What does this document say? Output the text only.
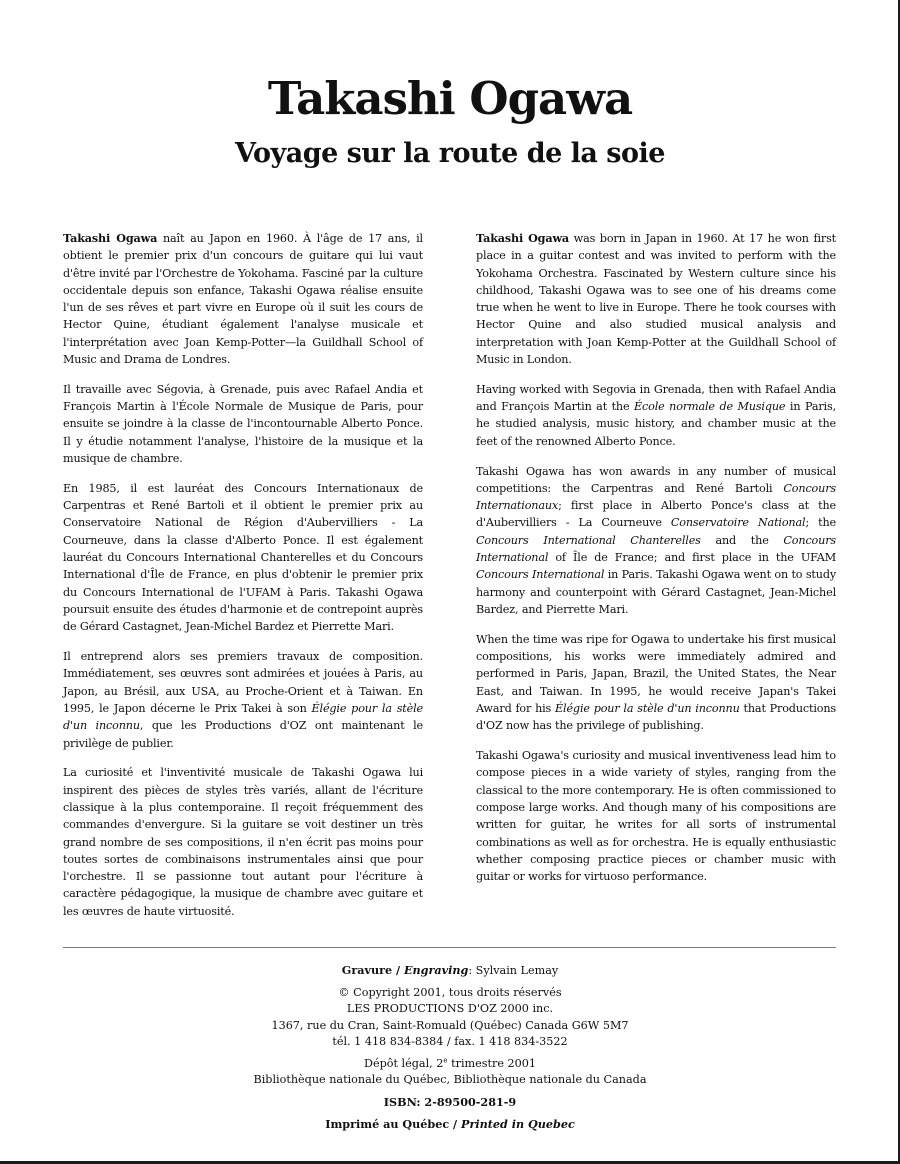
Takashi Ogawa
Voyage sur la route de la soie

Takashi Ogawa naît au Japon en 1960. À l'âge de 17 ans, il obtient le premier prix d'un concours de guitare qui lui vaut d'être invité par l'Orchestre de Yokohama. Fasciné par la culture occidentale depuis son enfance, Takashi Ogawa réalise ensuite l'un de ses rêves et part vivre en Europe où il suit les cours de Hector Quine, étudiant également l'analyse musicale et l'interprétation avec Joan Kemp-Potter—la Guildhall School of Music and Drama de Londres.

Il travaille avec Ségovia, à Grenade, puis avec Rafael Andia et François Martin à l'École Normale de Musique de Paris, pour ensuite se joindre à la classe de l'incontournable Alberto Ponce. Il y étudie notamment l'analyse, l'histoire de la musique et la musique de chambre.

En 1985, il est lauréat des Concours Internationaux de Carpentras et René Bartoli et il obtient le premier prix au Conservatoire National de Région d'Aubervilliers - La Courneuve, dans la classe d'Alberto Ponce. Il est également lauréat du Concours International Chanterelles et du Concours International d'Île de France, en plus d'obtenir le premier prix du Concours International de l'UFAM à Paris. Takashi Ogawa poursuit ensuite des études d'harmonie et de contrepoint auprès de Gérard Castagnet, Jean-Michel Bardez et Pierrette Mari.

Il entreprend alors ses premiers travaux de composition. Immédiatement, ses œuvres sont admirées et jouées à Paris, au Japon, au Brésil, aux USA, au Proche-Orient et à Taiwan. En 1995, le Japon décerne le Prix Takei à son Élégie pour la stèle d'un inconnu, que les Productions d'OZ ont maintenant le privilège de publier.

La curiosité et l'inventivité musicale de Takashi Ogawa lui inspirent des pièces de styles très variés, allant de l'écriture classique à la plus contemporaine. Il reçoit fréquemment des commandes d'envergure. Si la guitare se voit destiner un très grand nombre de ses compositions, il n'en écrit pas moins pour toutes sortes de combinaisons instrumentales ainsi que pour l'orchestre. Il se passionne tout autant pour l'écriture à caractère pédagogique, la musique de chambre avec guitare et les œuvres de haute virtuosité.

Takashi Ogawa was born in Japan in 1960. At 17 he won first place in a guitar contest and was invited to perform with the Yokohama Orchestra. Fascinated by Western culture since his childhood, Takashi Ogawa was to see one of his dreams come true when he went to live in Europe. There he took courses with Hector Quine and also studied musical analysis and interpretation with Joan Kemp-Potter at the Guildhall School of Music in London.

Having worked with Segovia in Grenada, then with Rafael Andia and François Martin at the École normale de Musique in Paris, he studied analysis, music history, and chamber music at the feet of the renowned Alberto Ponce.

Takashi Ogawa has won awards in any number of musical competitions: the Carpentras and René Bartoli Concours Internationaux; first place in Alberto Ponce's class at the d'Aubervilliers - La Courneuve Conservatoire National; the Concours International Chanterelles and the Concours International of Île de France; and first place in the UFAM Concours International in Paris. Takashi Ogawa went on to study harmony and counterpoint with Gérard Castagnet, Jean-Michel Bardez, and Pierrette Mari.

When the time was ripe for Ogawa to undertake his first musical compositions, his works were immediately admired and performed in Paris, Japan, Brazil, the United States, the Near East, and Taiwan. In 1995, he would receive Japan's Takei Award for his Élégie pour la stèle d'un inconnu that Productions d'OZ now has the privilege of publishing.

Takashi Ogawa's curiosity and musical inventiveness lead him to compose pieces in a wide variety of styles, ranging from the classical to the more contemporary. He is often commissioned to compose large works. And though many of his compositions are written for guitar, he writes for all sorts of instrumental combinations as well as for orchestra. He is equally enthusiastic whether composing practice pieces or chamber music with guitar or works for virtuoso performance.

Gravure / Engraving: Sylvain Lemay
© Copyright 2001, tous droits réservés
LES PRODUCTIONS D'OZ 2000 inc.
1367, rue du Cran, Saint-Romuald (Québec) Canada G6W 5M7
tél. 1 418 834-8384 / fax. 1 418 834-3522
Dépôt légal, 2e trimestre 2001
Bibliothèque nationale du Québec, Bibliothèque nationale du Canada
ISBN: 2-89500-281-9
Imprimé au Québec / Printed in Quebec
